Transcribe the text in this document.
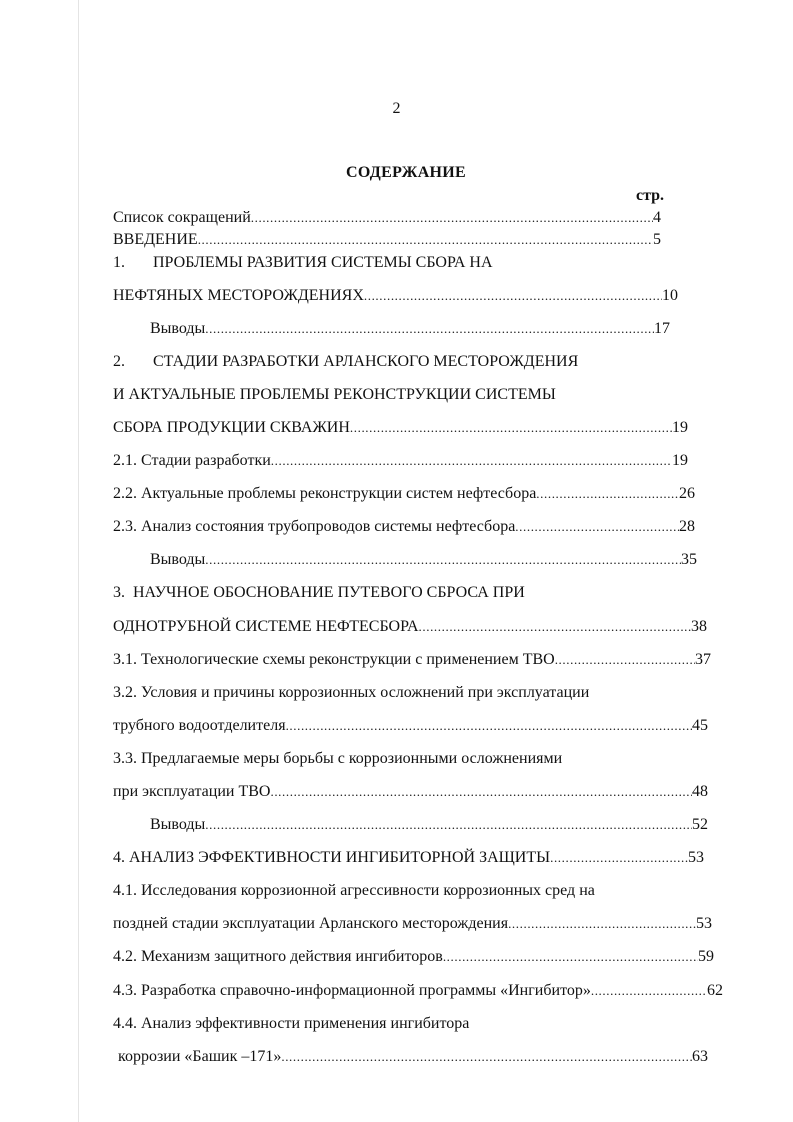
2
СОДЕРЖАНИЕ
стр.
Список сокращений .....	4
ВВЕДЕНИЕ .....	5
1.       ПРОБЛЕМЫ РАЗВИТИЯ СИСТЕМЫ СБОРА НА
НЕФТЯНЫХ МЕСТОРОЖДЕНИЯХ .....	10
Выводы .....	17
2.       СТАДИИ РАЗРАБОТКИ АРЛАНСКОГО МЕСТОРОЖДЕНИЯ
И АКТУАЛЬНЫЕ ПРОБЛЕМЫ РЕКОНСТРУКЦИИ СИСТЕМЫ
СБОРА ПРОДУКЦИИ СКВАЖИН .....	19
2.1. Стадии разработки .....	19
2.2. Актуальные проблемы реконструкции систем нефтесбора .....	26
2.3. Анализ состояния трубопроводов системы нефтесбора .....	28
Выводы .....	35
3.  НАУЧНОЕ ОБОСНОВАНИЕ ПУТЕВОГО СБРОСА ПРИ
ОДНОТРУБНОЙ СИСТЕМЕ НЕФТЕСБОРА .....	38
3.1. Технологические схемы реконструкции с применением ТВО .....	37
3.2. Условия и причины коррозионных осложнений при эксплуатации
трубного водоотделителя .....	45
3.3. Предлагаемые меры борьбы с коррозионными осложнениями
при эксплуатации ТВО .....	48
Выводы .....	52
4. АНАЛИЗ ЭФФЕКТИВНОСТИ ИНГИБИТОРНОЙ ЗАЩИТЫ .....	53
4.1. Исследования коррозионной агрессивности коррозионных сред на
поздней стадии эксплуатации Арланского месторождения .....	53
4.2. Механизм защитного действия ингибиторов .....	59
4.3. Разработка справочно-информационной программы «Ингибитор» .....	62
4.4. Анализ эффективности применения ингибитора
коррозии «Башик –171» .....	63
